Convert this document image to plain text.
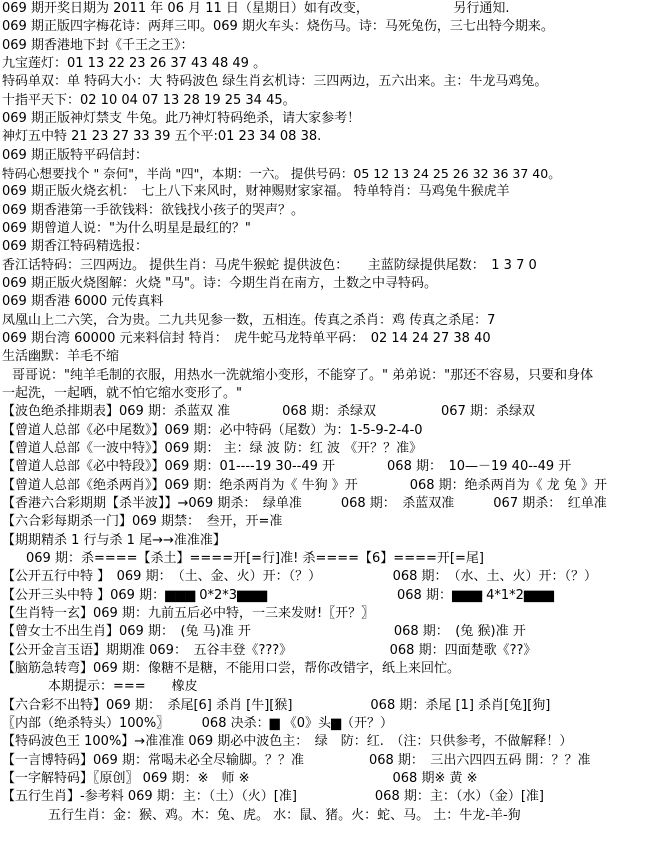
069 期开奖日期为 2011 年 06 月 11 日（星期日）如有改变，　　　　　　　另行通知.
069 期正版四字梅花诗：两拜三叩。069 期火车头：烧伤马。诗：马死兔伤，三七出特今期来。
069 期香港地下封《千王之王》：
九宝莲灯：01 13 22 23 26 37 43 48 49 。
特码单双：单 特码大小：大 特码波色 绿生肖玄机诗：三四两边，五六出来。主：牛龙马鸡兔。
十指平天下：02 10 04 07 13 28 19 25 34 45。
069 期正版神灯禁支 牛兔。此乃神灯特码绝杀，请大家参考！
神灯五中特 21 23 27 33 39 五个平:01 23 34 08 38.
069 期正版特平码信封：
特码心想要找个 " 奈何"，半尚 "四"，本期：一六。 提供号码：05 12 13 24 25 26 32 36 37 40。
069 期正版火烧玄机：　七上八下来风时，财神赐财家家福。 特单特肖：马鸡兔牛猴虎羊
069 期香港第一手欲钱料：欲钱找小孩子的哭声？。
069 期曾道人说："为什么明星是最红的？"
069 期香江特码精选报：
香江话特码：三四两边。 提供生肖：马虎牛猴蛇 提供波色：　　主蓝防绿提供尾数：　1 3 7 0
069 期正版火烧图解：火烧 "马"。诗：今期生肖在南方，土数之中寻特码。
069 期香港 6000 元传真料
凤凰山上二六笑，合为贵。二九共见参一数，五相连。传真之杀肖：鸡 传真之杀尾：7
069 期台湾 60000 元来料信封 特肖：　虎牛蛇马龙特单平码：　02 14 24 27 38 40
生活幽默：羊毛不缩
哥哥说："纯羊毛制的衣服，用热水一洗就缩小变形，不能穿了。" 弟弟说："那还不容易，只要和身体
一起洗，一起晒，就不怕它缩水变形了。"
【波色绝杀排期表】069 期：杀蓝双 准　　　　068 期：杀绿双　　　　　067 期：杀绿双
【曾道人总部《必中尾数》】069 期：必中特码（尾数）为：1-5-9-2-4-0
【曾道人总部《一波中特》】069 期： 主：绿 波 防：红 波 《开？？准》
【曾道人总部《必中特段》】069 期：01----19 30--49 开　　　　068 期：　10—－19 40--49 开
【曾道人总部《绝杀两肖》】069 期：绝杀两肖为《 牛狗 》开　　　　068 期：绝杀两肖为《 龙 兔 》开
【香港六合彩期期【杀半波】】→069 期杀：　绿单准　　　068 期：　杀蓝双准　　　067 期杀：　红单准
【六合彩每期杀一门】069 期禁：　叁开，开=准
【期期精杀 1 行与杀 1 尾→→准准准】
069 期：杀====【杀土】====开[=行]准! 杀====【6】====开[=尾]
【公开五行中特 】　069 期：　（土、金、火）开：（？）　　　　　　068 期：　（水、土、火）开：（？）
【公开三头中特 】069 期：▆▆▆ 0*2*3▆▆▆　　　　　　　　　　068 期：▆▆▆ 4*1*2▆▆▆
【生肖特一玄】069 期：九前五后必中特，一三来发财!〖开？〗
【曾女士不出生肖】069 期：　(兔 马)准 开　　　　　　　　　　　068 期：　(兔 猴)准 开
【公开金言玉语】期期准 069：　五谷丰登《???》　　　　　　　　068 期：四面楚歌《??》
【脑筋急转弯】069 期：像糖不是糖，不能用口尝，帮你改错字，纸上来回忙。
本期提示：===　　橡皮
【六合彩不出特】069 期：　杀尾[6] 杀肖 [牛][猴]　　　　　　068 期：杀尾 [1] 杀肖[兔][狗]
〖内部（绝杀特头）100%〗　　　068 决杀：▆ 《0》头▆（开？）
【特码波色王 100%】→准准准 069 期必中波色主：　绿　防：红.　（注：只供参考，不做解释！）
【一言博特码】069 期：常喝未必全尽输脚。？？准　　　　　068 期：　三出六四四五码 開：？？准
【一字解特码】〖原创〗 069 期：※　师 ※　　　　　　　　　　　068 期※ 黄 ※
【五行生肖】-参考料 069 期：主：（土）（火）[准]　　　　　　068 期：主：（水）（金）[准]
五行生肖：金：猴、鸡。木：兔、虎。 水：鼠、猪。火：蛇、马。 土：牛龙-羊-狗
